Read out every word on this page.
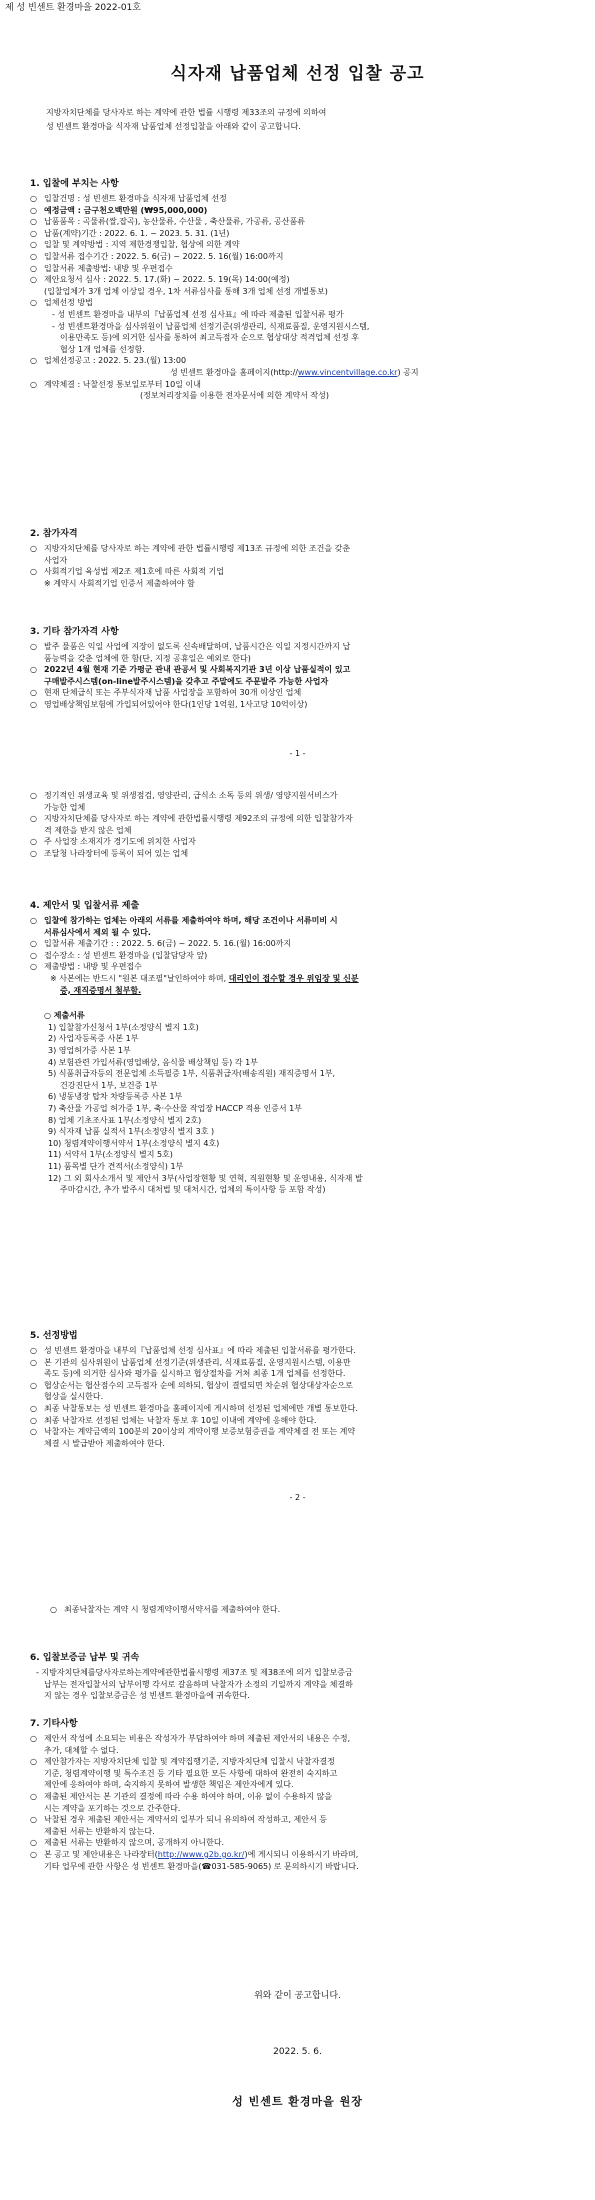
제 성 빈센트 환경마을 2022-01호
식자재 납품업체 선정 입찰 공고
지방자치단체를 당사자로 하는 계약에 관한 법률 시행령 제33조의 규정에 의하여
성 빈센트 환경마을 식자재 납품업체 선정입찰을 아래와 같이 공고합니다.
1. 입찰에 부치는 사항
○ 입찰건명 : 성 빈센트 환경마을 식자재 납품업체 선정
○ 예정금액 : 금구천오백만원 (₩95,000,000)
○ 납품품목 : 곡물류(쌀,잡곡), 농산물류, 수산물 , 축산물류, 가공류, 공산품류
○ 납품(계약)기간 : 2022. 6. 1. ~ 2023. 5. 31. (1년)
○ 입찰 및 계약방법 : 지역 제한경쟁입찰, 협상에 의한 계약
○ 입찰서류 접수기간 : 2022. 5. 6(금) ~ 2022. 5. 16(월) 16:00까지
○ 입찰서류 제출방법: 내방 및 우편접수
○ 제안요청서 심사 : 2022. 5. 17.(화) ~ 2022. 5. 19(목) 14:00(예정)
(입찰업체가 3개 업체 이상일 경우, 1차 서류심사를 통해 3개 업체 선정 개별통보)
○ 업체선정 방법
- 성 빈센트 환경마을 내부의『납품업체 선정 심사표』에 따라 제출된 입찰서류 평가
- 성 빈센트환경마을 심사위원이 납품업체 선정기준(위생관리, 식재료품질, 운영지원시스템,
이용만족도 등)에 의거한 심사를 통하여 최고득점자 순으로 협상대상 적격업체 선정 후
협상 1개 업체를 선정함.
○ 업체선정공고 : 2022. 5. 23.(월) 13:00
성 빈센트 환경마을 홈페이지(http://www.vincentvillage.co.kr) 공지
○ 계약체결 : 낙찰선정 통보일로부터 10일 이내
(정보처리장치를 이용한 전자문서에 의한 계약서 작성)
2. 참가자격
○ 지방자치단체를 당사자로 하는 계약에 관한 법률시행령 제13조 규정에 의한 조건을 갖춘
사업자
○ 사회적기업 육성법 제2조 제1호에 따른 사회적 기업
※ 계약시 사회적기업 인증서 제출하여야 함
3. 기타 참가자격 사항
○ 발주 물품은 익일 사업에 지장이 없도록 신속배달하며, 납품시간은 익일 지정시간까지 납
품능력을 갖춘 업체에 한 함(단, 지정 공휴일은 예외로 한다)
○ 2022년 4월 현재 기준 가평군 관내 관공서 및 사회복지기관 3년 이상 납품실적이 있고
구매발주시스템(on-line발주시스템)을 갖추고 주말에도 주문발주 가능한 사업자
○ 현재 단체급식 또는 주부식자재 납품 사업장을 포함하여 30개 이상인 업체
○ 영업배상책임보험에 가입되어있어야 한다(1인당 1억원, 1사고당 10억이상)
- 1 -
○ 정기적인 위생교육 및 위생점검, 영양관리, 급식소 소독 등의 위생/ 영양지원서비스가
가능한 업체
○ 지방자치단체를 당사자로 하는 계약에 관한법률시행령 제92조의 규정에 의한 입찰참가자
격 제한을 받지 않은 업체
○ 주 사업장 소재지가 경기도에 위치한 사업자
○ 조달청 나라장터에 등록이 되어 있는 업체
4. 제안서 및 입찰서류 제출
○ 입찰에 참가하는 업체는 아래의 서류를 제출하여야 하며, 해당 조건이나 서류미비 시
서류심사에서 제외 될 수 있다.
○ 입찰서류 제출기간 : : 2022. 5. 6(금) ~ 2022. 5. 16.(월) 16:00까지
○ 접수장소 : 성 빈센트 환경마을 (입찰담당자 앞)
○ 제출방법 : 내방 및 우편접수
※ 사본에는 반드시 "원본 대조필"날인하여야 하며, 대리인이 접수할 경우 위임장 및 신분
증, 재직증명서 첨부함.
○ 제출서류
1) 입찰참가신청서 1부(소정양식 별지 1호)
2) 사업자등록증 사본 1부
3) 영업허가증 사본 1부
4) 보험관련 가입서류(영업배상, 음식물 배상책임 등) 각 1부
5) 식품취급자등의 전문업체 소득필증 1부, 식품취급자(배송직원) 재직증명서 1부,
건강진단서 1부, 보건증 1부
6) 냉동냉장 탑차 차량등록증 사본 1부
7) 축산물 가공업 허가증 1부, 축·수산물 작업장 HACCP 적용 인증서 1부
8) 업체 기초조사표 1부(소정양식 별지 2호)
9) 식자재 납품 실적서 1부(소정양식 별지 3호 )
10) 청렴계약이행서약서 1부(소정양식 별지 4호)
11) 서약서 1부(소정양식 별지 5호)
11) 품목별 단가 견적서(소정양식) 1부
12) 그 외 회사소개서 및 제안서 3부(사업장현황 및 연혁, 직원현황 및 운영내용, 식자재 발
주마감시간, 추가 발주시 대처법 및 대처시간, 업체의 특이사항 등 포함 작성)
5. 선정방법
○ 성 빈센트 환경마을 내부의『납품업체 선정 심사표』에 따라 제출된 입찰서류를 평가한다.
○ 본 기관의 심사위원이 납품업체 선정기준(위생관리, 식재료품질, 운영지원시스템, 이용만
족도 등)에 의거한 심사와 평가를 실시하고 협상절차를 거쳐 최종 1개 업체를 선정한다.
○ 협상순서는 협산점수의 고득점자 순에 의하되, 협상이 결렬되면 차순위 협상대상자순으로
협상을 실시한다.
○ 최종 낙찰통보는 성 빈센트 환경마을 홈페이지에 게시하며 선정된 업체에만 개별 통보한다.
○ 최종 낙찰자로 선정된 업체는 낙찰자 통보 후 10일 이내에 계약에 응해야 한다.
○ 낙찰자는 계약금액의 100분의 20이상의 계약이행 보증보험증권을 계약체결 전 또는 계약
체결 시 발급받아 제출하여야 한다.
- 2 -
○ 최종낙찰자는 계약 시 청렴계약이행서약서를 제출하여야 한다.
6. 입찰보증금 납부 및 귀속
- 지방자치단체를당사자로하는계약에관한법률시행령 제37조 및 제38조에 의거 입찰보증금
납부는 전자입찰서의 납부이행 각서로 갈음하며 낙찰자가 소정의 기일까지 계약을 체결하
지 않는 경우 입찰보증금은 성 빈센트 환경마을에 귀속한다.
7. 기타사항
○ 제안서 작성에 소요되는 비용은 작성자가 부담하여야 하며 제출된 제안서의 내용은 수정,
추가, 대체할 수 없다.
○ 제안참가자는 지방자치단체 입찰 및 계약집행기준, 지방자치단체 입찰시 낙찰자결정
기준, 청렴계약이행 및 특수조건 등 기타 필요한 모든 사항에 대하여 완전히 숙지하고
제안에 응하여야 하며, 숙지하지 못하여 발생한 책임은 제안자에게 있다.
○ 제출된 제안서는 본 기관의 결정에 따라 수용 하여야 하며, 이유 없이 수용하지 않을
시는 계약을 포기하는 것으로 간주한다.
○ 낙찰된 경우 제출된 제안서는 계약서의 일부가 되니 유의하여 작성하고, 제안서 등
제출된 서류는 반환하지 않는다.
○ 제출된 서류는 반환하지 않으며, 공개하지 아니한다.
○ 본 공고 및 제안내용은 나라장터(http://www.g2b.go.kr/)에 게시되니 이용하시기 바라며,
기타 업무에 관한 사항은 성 빈센트 환경마을(☎031-585-9065) 로 문의하시기 바랍니다.
위와 같이 공고합니다.
2022. 5. 6.
성 빈센트 환경마을 원장
